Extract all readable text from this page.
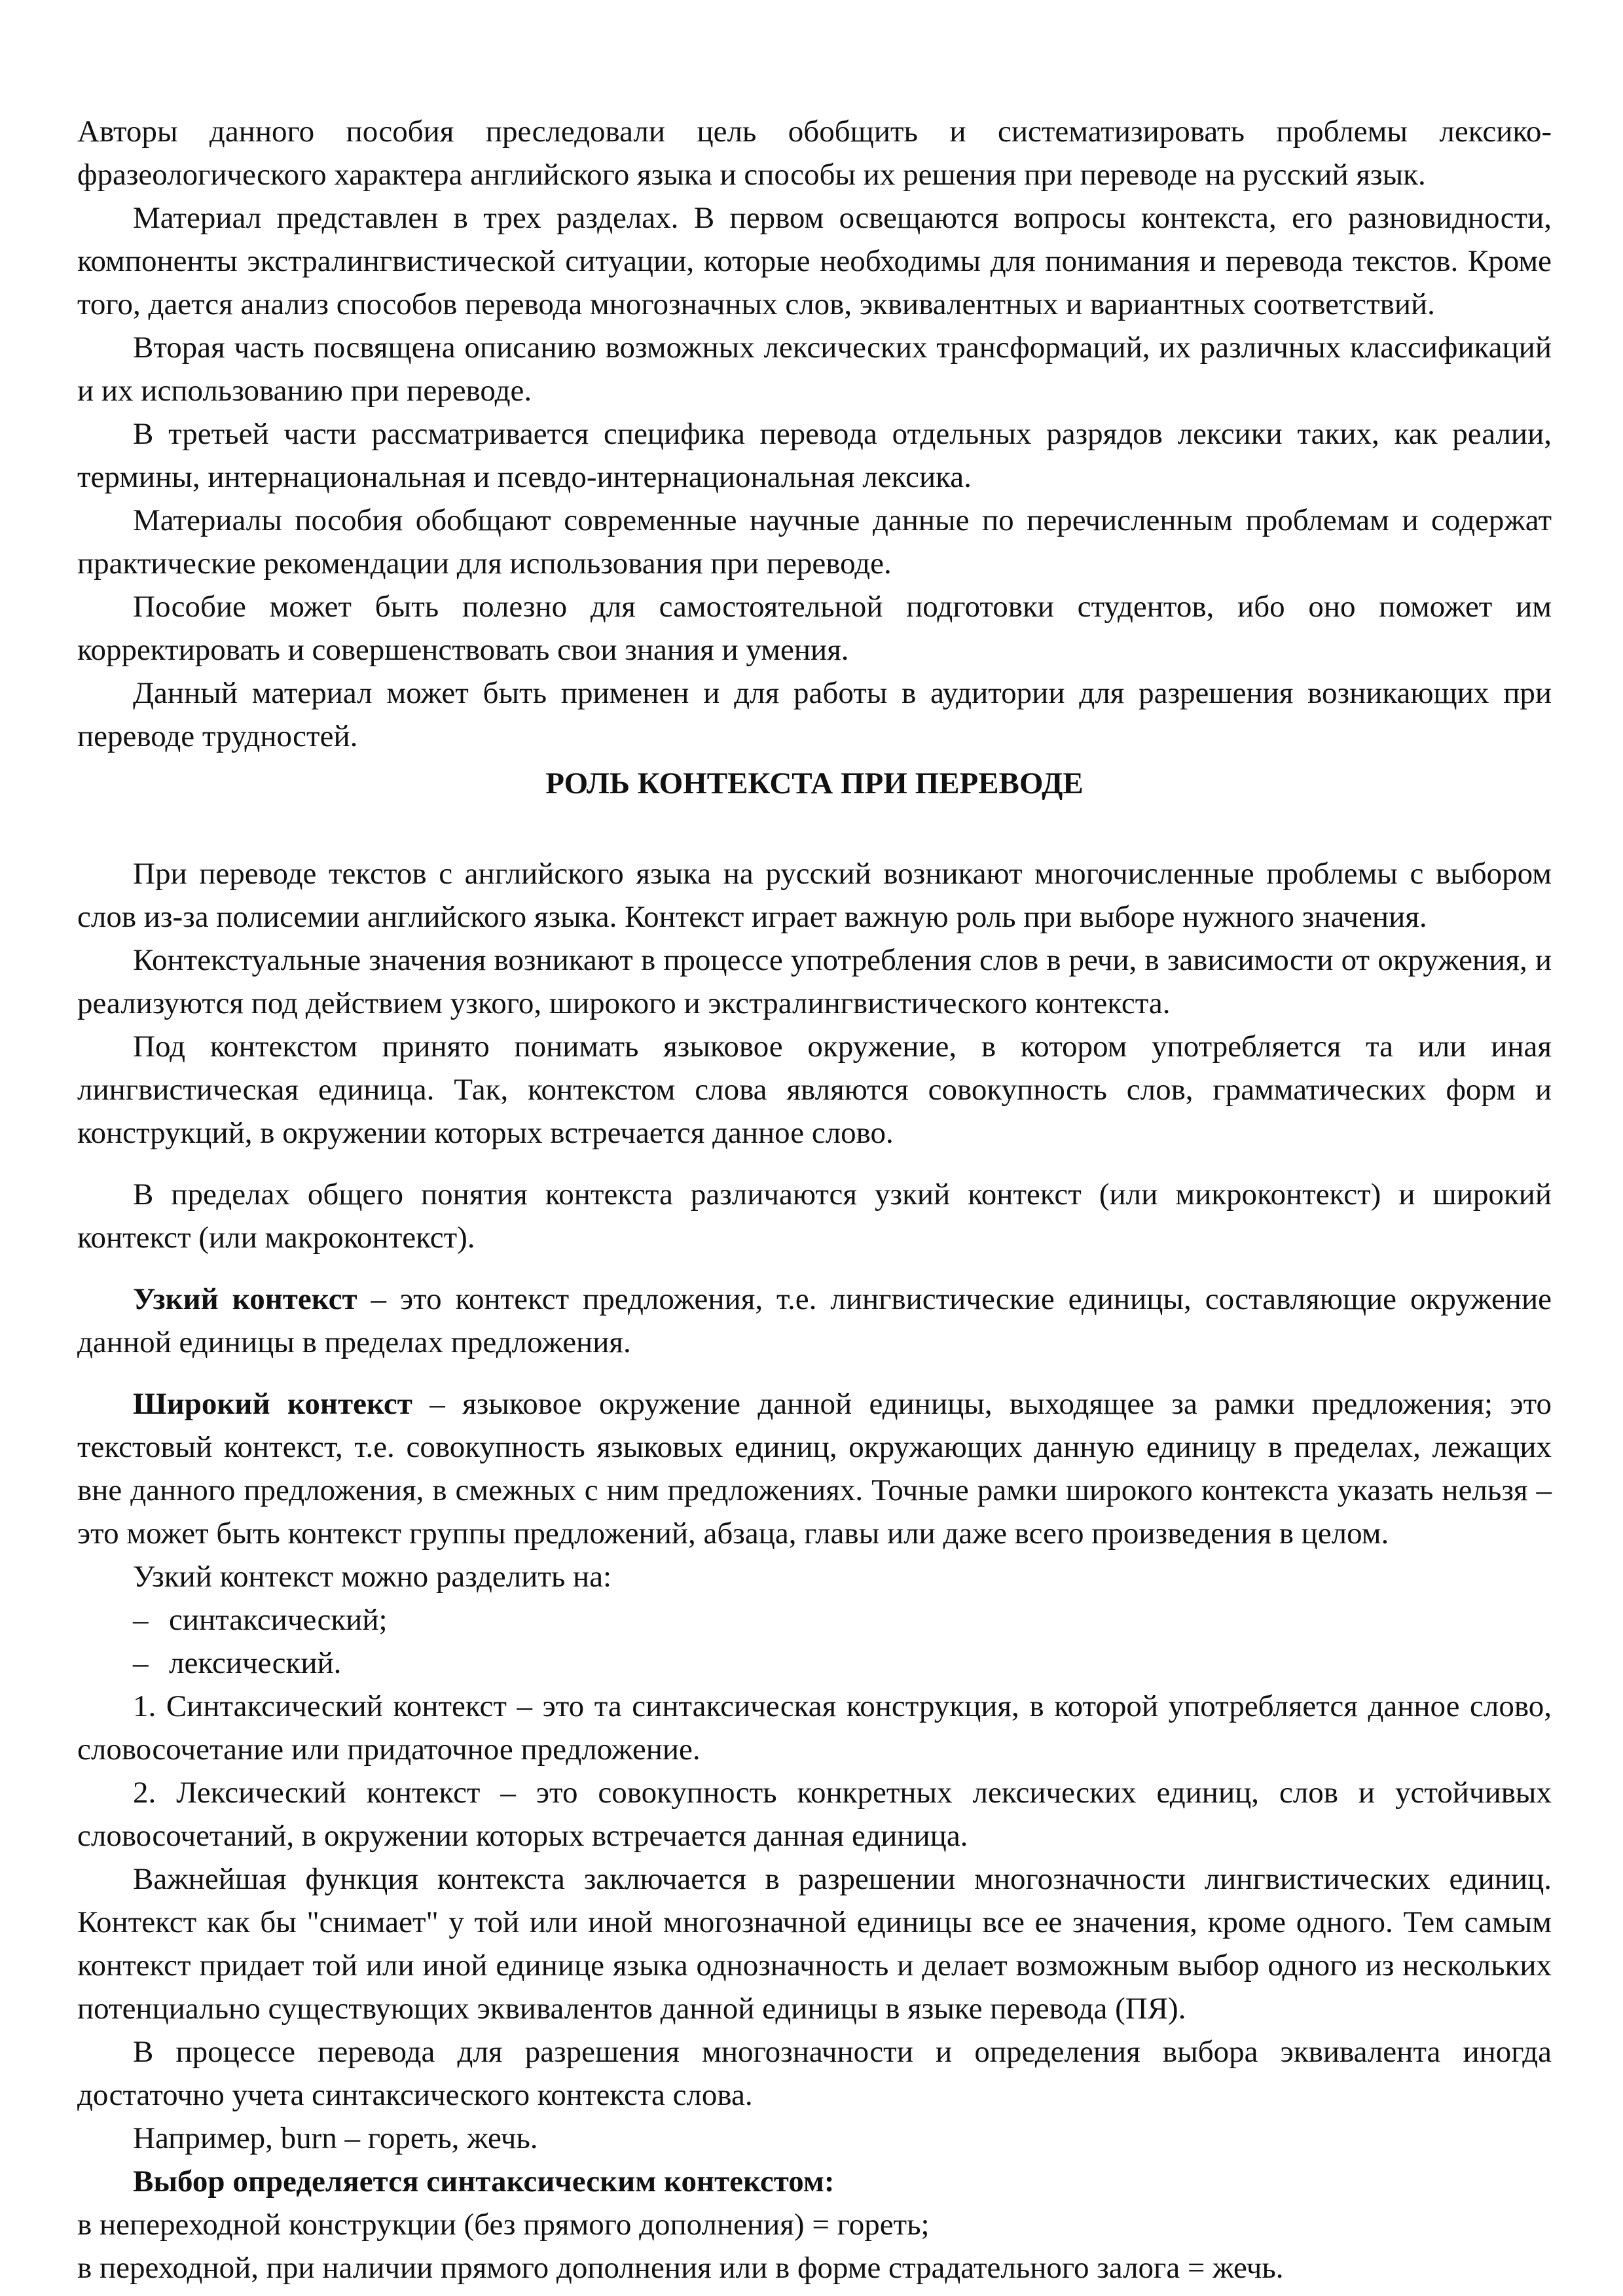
Авторы данного пособия преследовали цель обобщить и систематизировать проблемы лексико-фразеологического характера английского языка и способы их решения при переводе на русский язык.

Материал представлен в трех разделах. В первом освещаются вопросы контекста, его разновидности, компоненты экстралингвистической ситуации, которые необходимы для понимания и перевода текстов. Кроме того, дается анализ способов перевода многозначных слов, эквивалентных и вариантных соответствий.

Вторая часть посвящена описанию возможных лексических трансформаций, их различных классификаций и их использованию при переводе.

В третьей части рассматривается специфика перевода отдельных разрядов лексики таких, как реалии, термины, интернациональная и псевдо-интернациональная лексика.

Материалы пособия обобщают современные научные данные по перечисленным проблемам и содержат практические рекомендации для использования при переводе.

Пособие может быть полезно для самостоятельной подготовки студентов, ибо оно поможет им корректировать и совершенствовать свои знания и умения.

Данный материал может быть применен и для работы в аудитории для разрешения возникающих при переводе трудностей.

РОЛЬ КОНТЕКСТА ПРИ ПЕРЕВОДЕ

При переводе текстов с английского языка на русский возникают многочисленные проблемы с выбором слов из-за полисемии английского языка. Контекст играет важную роль при выборе нужного значения.

Контекстуальные значения возникают в процессе употребления слов в речи, в зависимости от окружения, и реализуются под действием узкого, широкого и экстралингвистического контекста.

Под контекстом принято понимать языковое окружение, в котором употребляется та или иная лингвистическая единица. Так, контекстом слова являются совокупность слов, грамматических форм и конструкций, в окружении которых встречается данное слово.

В пределах общего понятия контекста различаются узкий контекст (или микроконтекст) и широкий контекст (или макроконтекст).

Узкий контекст – это контекст предложения, т.е. лингвистические единицы, составляющие окружение данной единицы в пределах предложения.

Широкий контекст – языковое окружение данной единицы, выходящее за рамки предложения; это текстовый контекст, т.е. совокупность языковых единиц, окружающих данную единицу в пределах, лежащих вне данного предложения, в смежных с ним предложениях. Точные рамки широкого контекста указать нельзя – это может быть контекст группы предложений, абзаца, главы или даже всего произведения в целом.

Узкий контекст можно разделить на:

– синтаксический;
– лексический.

1. Синтаксический контекст – это та синтаксическая конструкция, в которой употребляется данное слово, словосочетание или придаточное предложение.

2. Лексический контекст – это совокупность конкретных лексических единиц, слов и устойчивых словосочетаний, в окружении которых встречается данная единица.

Важнейшая функция контекста заключается в разрешении многозначности лингвистических единиц. Контекст как бы "снимает" у той или иной многозначной единицы все ее значения, кроме одного. Тем самым контекст придает той или иной единице языка однозначность и делает возможным выбор одного из нескольких потенциально существующих эквивалентов данной единицы в языке перевода (ПЯ).

В процессе перевода для разрешения многозначности и определения выбора эквивалента иногда достаточно учета синтаксического контекста слова.

Например, burn – гореть, жечь.

Выбор определяется синтаксическим контекстом:

в непереходной конструкции (без прямого дополнения) = гореть;

в переходной, при наличии прямого дополнения или в форме страдательного залога = жечь.
